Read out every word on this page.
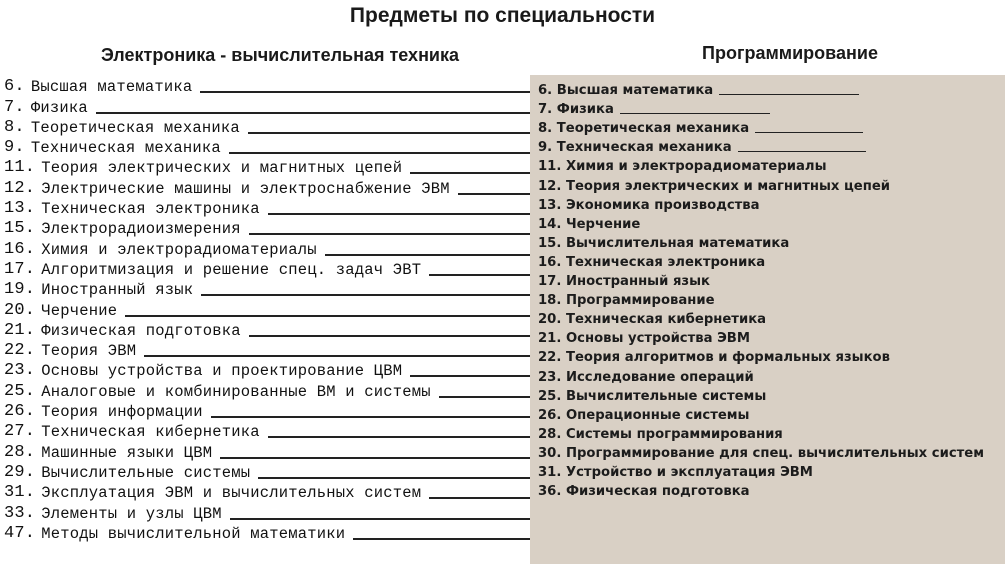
Предметы по специальности
Электроника - вычислительная техника	Программирование
6. Высшая математика
7. Физика
8. Теоретическая механика
9. Техническая механика
11. Теория электрических и магнитных цепей
12. Электрические машины и электроснабжение ЭВМ
13. Техническая электроника
15. Электрорадиоизмерения
16. Химия и электрорадиоматериалы
17. Алгоритмизация и решение спец. задач ЭВТ
19. Иностранный язык
20. Черчение
21. Физическая подготовка
22. Теория ЭВМ
23. Основы устройства и проектирование ЦВМ
25. Аналоговые и комбинированные ВМ и системы
26. Теория информации
27. Техническая кибернетика
28. Машинные языки ЦВМ
29. Вычислительные системы
31. Эксплуатация ЭВМ и вычислительных систем
33. Элементы и узлы ЦВМ
47. Методы вычислительной математики
6. Высшая математика
7. Физика
8. Теоретическая механика
9. Техническая механика
11. Химия и электрорадиоматериалы
12. Теория электрических и магнитных цепей
13. Экономика производства
14. Черчение
15. Вычислительная математика
16. Техническая электроника
17. Иностранный язык
18. Программирование
20. Техническая кибернетика
21. Основы устройства ЭВМ
22. Теория алгоритмов и формальных языков
23. Исследование операций
25. Вычислительные системы
26. Операционные системы
28. Системы программирования
30. Программирование для спец. вычислительных систем
31. Устройство и эксплуатация ЭВМ
36. Физическая подготовка
